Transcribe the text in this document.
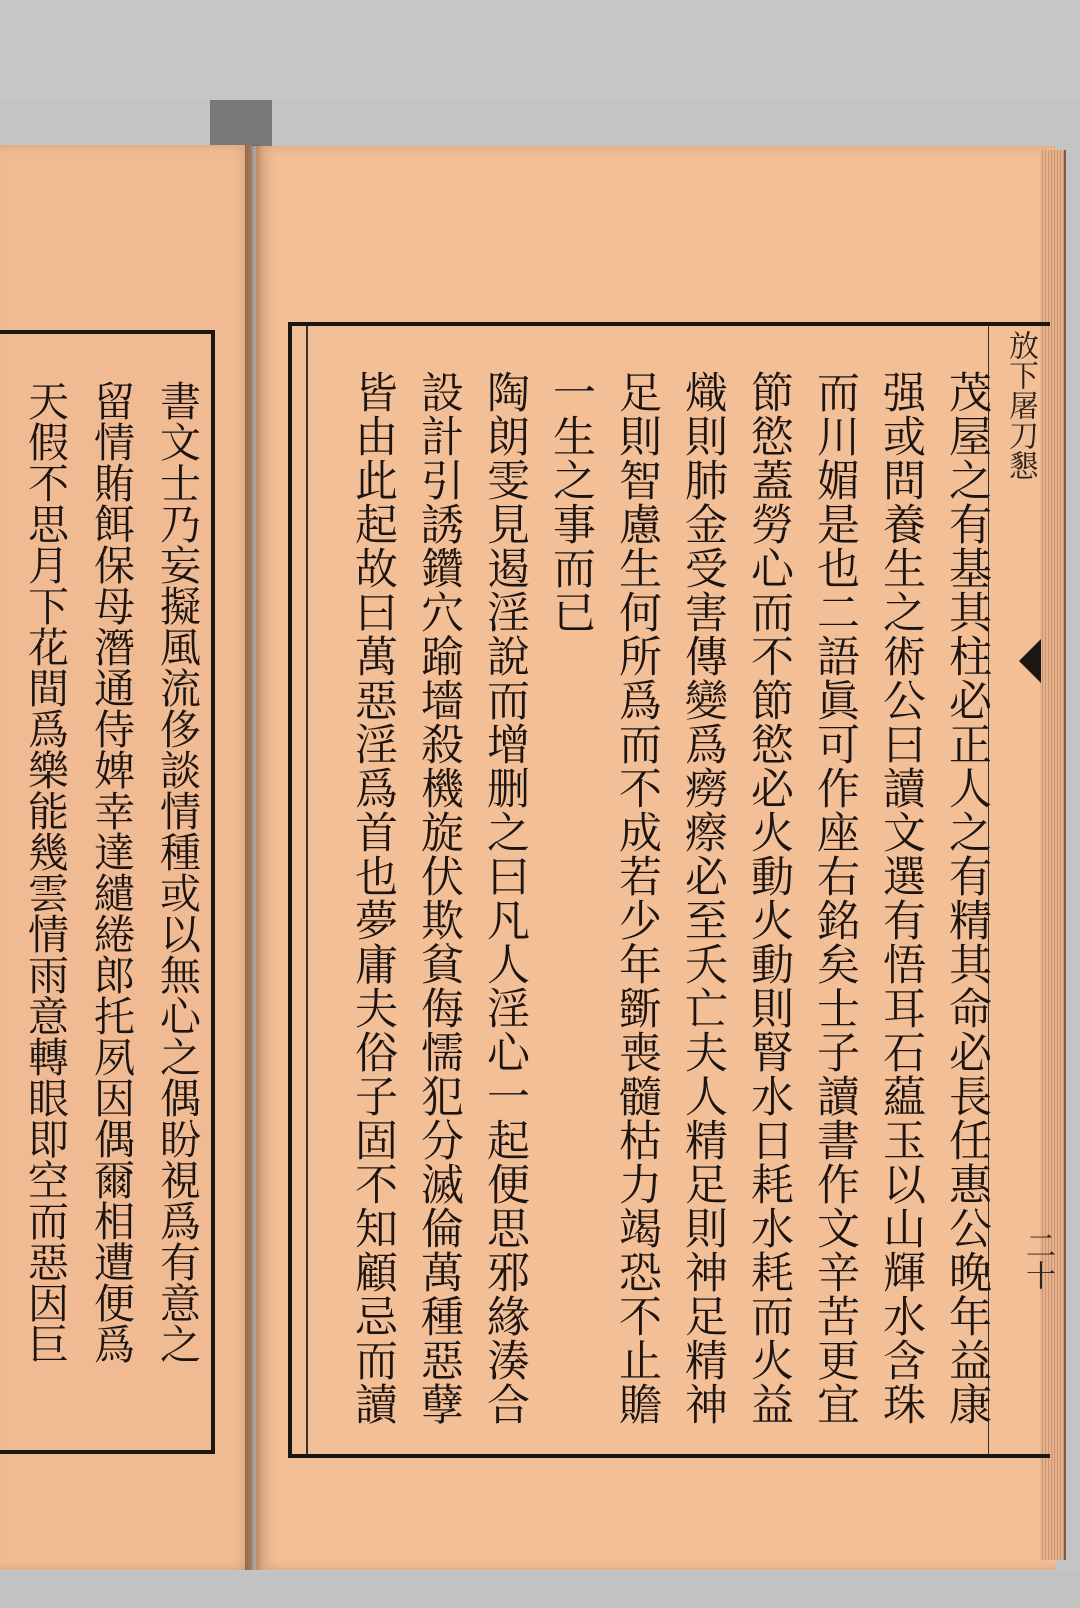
書文士乃妄擬風流侈談情種或以無心之偶盼視爲有意之
留情賄餌保母潛通侍婢幸達繾綣郎托夙因偶爾相遭便爲
天假不思月下花間爲樂能幾雲情雨意轉眼即空而惡因巨	茂屋之有基其柱必正人之有精其命必長任惠公晚年益康
强或問養生之術公曰讀文選有悟耳石藴玉以山輝水含珠
而川媚是也二語眞可作座右銘矣士子讀書作文辛苦更宜
節慾蓋勞心而不節慾必火動火動則腎水日耗水耗而火益
熾則肺金受害傳變爲癆瘵必至夭亡夫人精足則神足精神
足則智慮生何所爲而不成若少年斵喪髓枯力竭恐不止贍
一生之事而已
陶朗雯見遏淫說而增删之曰凡人淫心一起便思邪緣湊合
設計引誘鑽穴踰墻殺機旋伏欺貧侮懦犯分滅倫萬種惡孽
皆由此起故曰萬惡淫爲首也夢庸夫俗子固不知顧忌而讀	放下屠刀懇
二十
